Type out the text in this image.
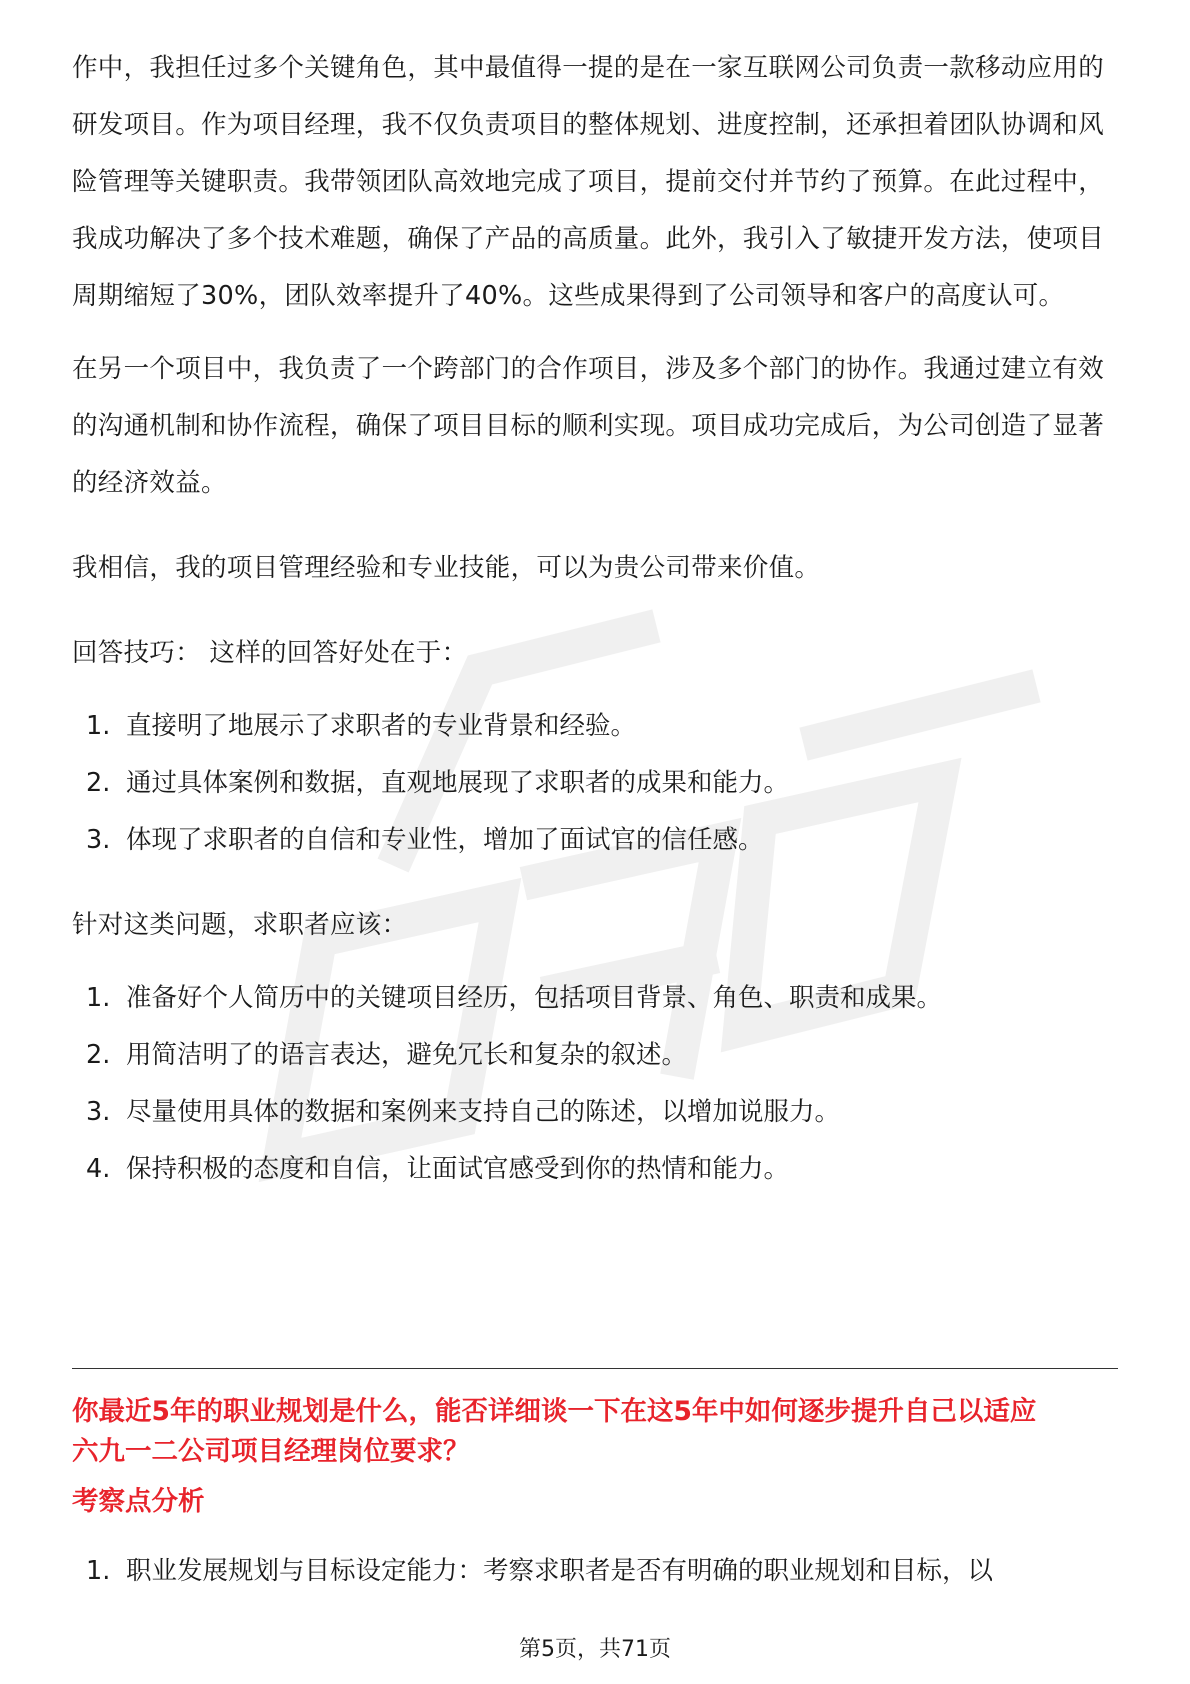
作中，我担任过多个关键角色，其中最值得一提的是在一家互联网公司负责一款移动应用的研发项目。作为项目经理，我不仅负责项目的整体规划、进度控制，还承担着团队协调和风险管理等关键职责。我带领团队高效地完成了项目，提前交付并节约了预算。在此过程中，我成功解决了多个技术难题，确保了产品的高质量。此外，我引入了敏捷开发方法，使项目周期缩短了30%，团队效率提升了40%。这些成果得到了公司领导和客户的高度认可。

在另一个项目中，我负责了一个跨部门的合作项目，涉及多个部门的协作。我通过建立有效的沟通机制和协作流程，确保了项目目标的顺利实现。项目成功完成后，为公司创造了显著的经济效益。

我相信，我的项目管理经验和专业技能，可以为贵公司带来价值。

回答技巧： 这样的回答好处在于：

1. 直接明了地展示了求职者的专业背景和经验。
2. 通过具体案例和数据，直观地展现了求职者的成果和能力。
3. 体现了求职者的自信和专业性，增加了面试官的信任感。

针对这类问题，求职者应该：

1. 准备好个人简历中的关键项目经历，包括项目背景、角色、职责和成果。
2. 用简洁明了的语言表达，避免冗长和复杂的叙述。
3. 尽量使用具体的数据和案例来支持自己的陈述，以增加说服力。
4. 保持积极的态度和自信，让面试官感受到你的热情和能力。

你最近5年的职业规划是什么，能否详细谈一下在这5年中如何逐步提升自己以适应
六九一二公司项目经理岗位要求？

考察点分析

1. 职业发展规划与目标设定能力：考察求职者是否有明确的职业规划和目标，以
第5页，共71页
